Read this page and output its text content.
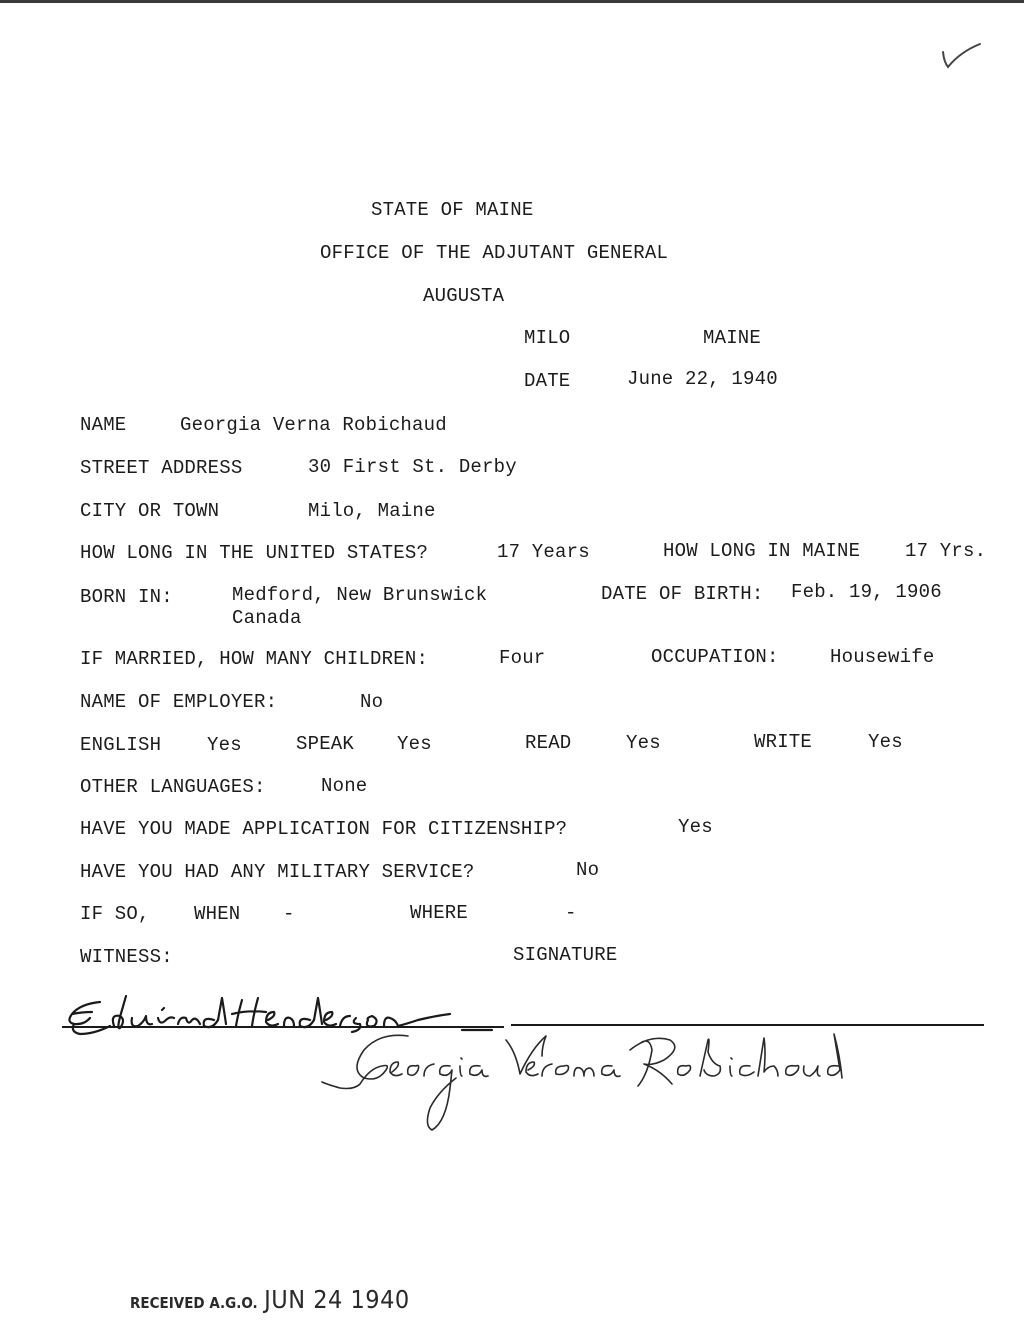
STATE OF MAINE
OFFICE OF THE ADJUTANT GENERAL
AUGUSTA
MILO	MAINE
DATE	June 22, 1940
NAME	Georgia Verna Robichaud
STREET ADDRESS	30 First St. Derby
CITY OR TOWN	Milo, Maine
HOW LONG IN THE UNITED STATES?	17 Years	HOW LONG IN MAINE 17 Yrs.
BORN IN:	Medford, New Brunswick
Canada
DATE OF BIRTH: Feb. 19, 1906
IF MARRIED, HOW MANY CHILDREN:	Four	OCCUPATION:	Housewife
NAME OF EMPLOYER:	No
ENGLISH Yes	SPEAK Yes	READ	Yes	WRITE	Yes
OTHER LANGUAGES:	None
HAVE YOU MADE APPLICATION FOR CITIZENSHIP?	Yes
HAVE YOU HAD ANY MILITARY SERVICE?	No
IF SO, WHEN -	WHERE	-
WITNESS:	SIGNATURE
RECEIVED A.G.O. JUN 24 1940
